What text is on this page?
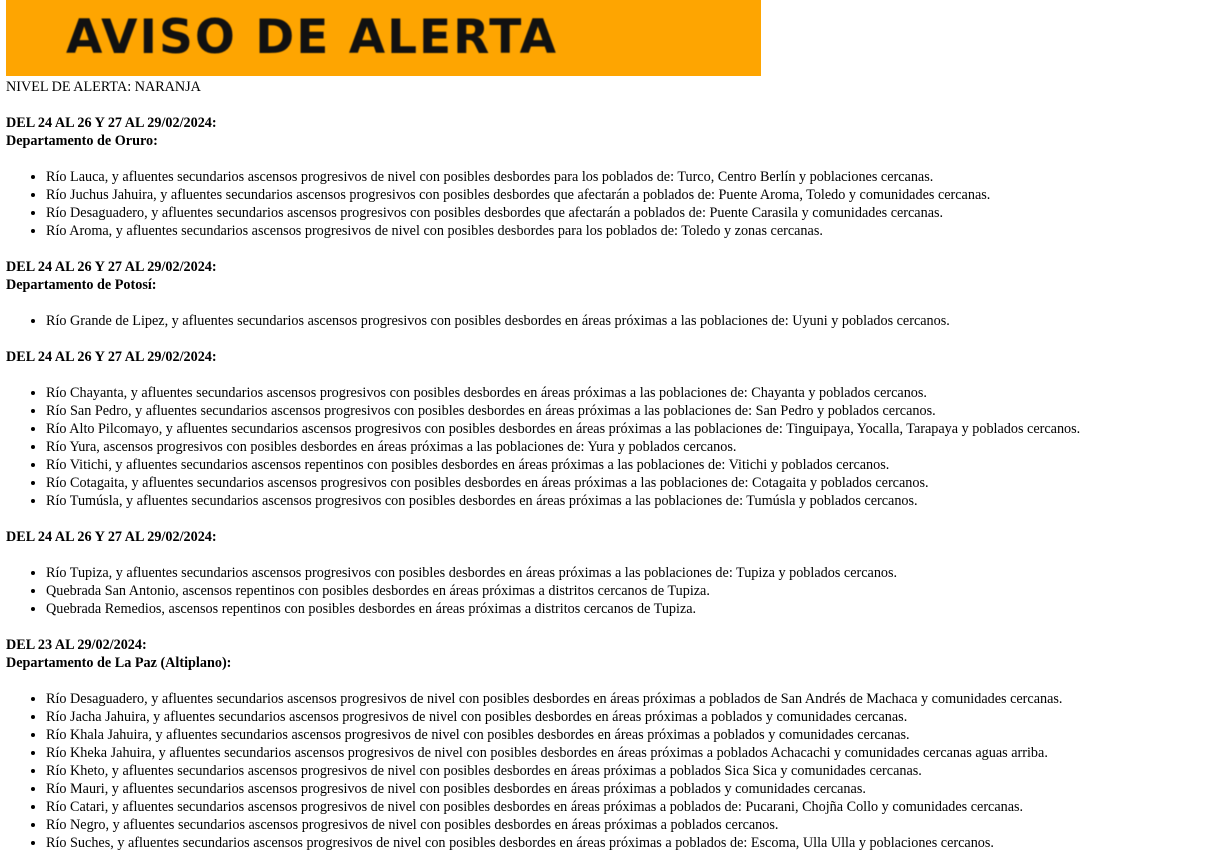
AVISO DE ALERTA
NIVEL DE ALERTA: NARANJA
DEL 24 AL 26 Y 27 AL 29/02/2024:
Departamento de Oruro:
• Río Lauca, y afluentes secundarios ascensos progresivos de nivel con posibles desbordes para los poblados de: Turco, Centro Berlín y poblaciones cercanas.
• Río Juchus Jahuira, y afluentes secundarios ascensos progresivos con posibles desbordes que afectarán a poblados de: Puente Aroma, Toledo y comunidades cercanas.
• Río Desaguadero, y afluentes secundarios ascensos progresivos con posibles desbordes que afectarán a poblados de: Puente Carasila y comunidades cercanas.
• Río Aroma, y afluentes secundarios ascensos progresivos de nivel con posibles desbordes para los poblados de: Toledo y zonas cercanas.
DEL 24 AL 26 Y 27 AL 29/02/2024:
Departamento de Potosí:
• Río Grande de Lipez, y afluentes secundarios ascensos progresivos con posibles desbordes en áreas próximas a las poblaciones de: Uyuni y poblados cercanos.
DEL 24 AL 26 Y 27 AL 29/02/2024:
• Río Chayanta, y afluentes secundarios ascensos progresivos con posibles desbordes en áreas próximas a las poblaciones de: Chayanta y poblados cercanos.
• Río San Pedro, y afluentes secundarios ascensos progresivos con posibles desbordes en áreas próximas a las poblaciones de: San Pedro y poblados cercanos.
• Río Alto Pilcomayo, y afluentes secundarios ascensos progresivos con posibles desbordes en áreas próximas a las poblaciones de: Tinguipaya, Yocalla, Tarapaya y poblados cercanos.
• Río Yura, ascensos progresivos con posibles desbordes en áreas próximas a las poblaciones de: Yura y poblados cercanos.
• Río Vitichi, y afluentes secundarios ascensos repentinos con posibles desbordes en áreas próximas a las poblaciones de: Vitichi y poblados cercanos.
• Río Cotagaita, y afluentes secundarios ascensos progresivos con posibles desbordes en áreas próximas a las poblaciones de: Cotagaita y poblados cercanos.
• Río Tumúsla, y afluentes secundarios ascensos progresivos con posibles desbordes en áreas próximas a las poblaciones de: Tumúsla y poblados cercanos.
DEL 24 AL 26 Y 27 AL 29/02/2024:
• Río Tupiza, y afluentes secundarios ascensos progresivos con posibles desbordes en áreas próximas a las poblaciones de: Tupiza y poblados cercanos.
• Quebrada San Antonio, ascensos repentinos con posibles desbordes en áreas próximas a distritos cercanos de Tupiza.
• Quebrada Remedios, ascensos repentinos con posibles desbordes en áreas próximas a distritos cercanos de Tupiza.
DEL 23 AL 29/02/2024:
Departamento de La Paz (Altiplano):
• Río Desaguadero, y afluentes secundarios ascensos progresivos de nivel con posibles desbordes en áreas próximas a poblados de San Andrés de Machaca y comunidades cercanas.
• Río Jacha Jahuira, y afluentes secundarios ascensos progresivos de nivel con posibles desbordes en áreas próximas a poblados y comunidades cercanas.
• Río Khala Jahuira, y afluentes secundarios ascensos progresivos de nivel con posibles desbordes en áreas próximas a poblados y comunidades cercanas.
• Río Kheka Jahuira, y afluentes secundarios ascensos progresivos de nivel con posibles desbordes en áreas próximas a poblados Achacachi y comunidades cercanas aguas arriba.
• Río Kheto, y afluentes secundarios ascensos progresivos de nivel con posibles desbordes en áreas próximas a poblados Sica Sica y comunidades cercanas.
• Río Mauri, y afluentes secundarios ascensos progresivos de nivel con posibles desbordes en áreas próximas a poblados y comunidades cercanas.
• Río Catari, y afluentes secundarios ascensos progresivos de nivel con posibles desbordes en áreas próximas a poblados de: Pucarani, Chojña Collo y comunidades cercanas.
• Río Negro, y afluentes secundarios ascensos progresivos de nivel con posibles desbordes en áreas próximas a poblados cercanos.
• Río Suches, y afluentes secundarios ascensos progresivos de nivel con posibles desbordes en áreas próximas a poblados de: Escoma, Ulla Ulla y poblaciones cercanos.
